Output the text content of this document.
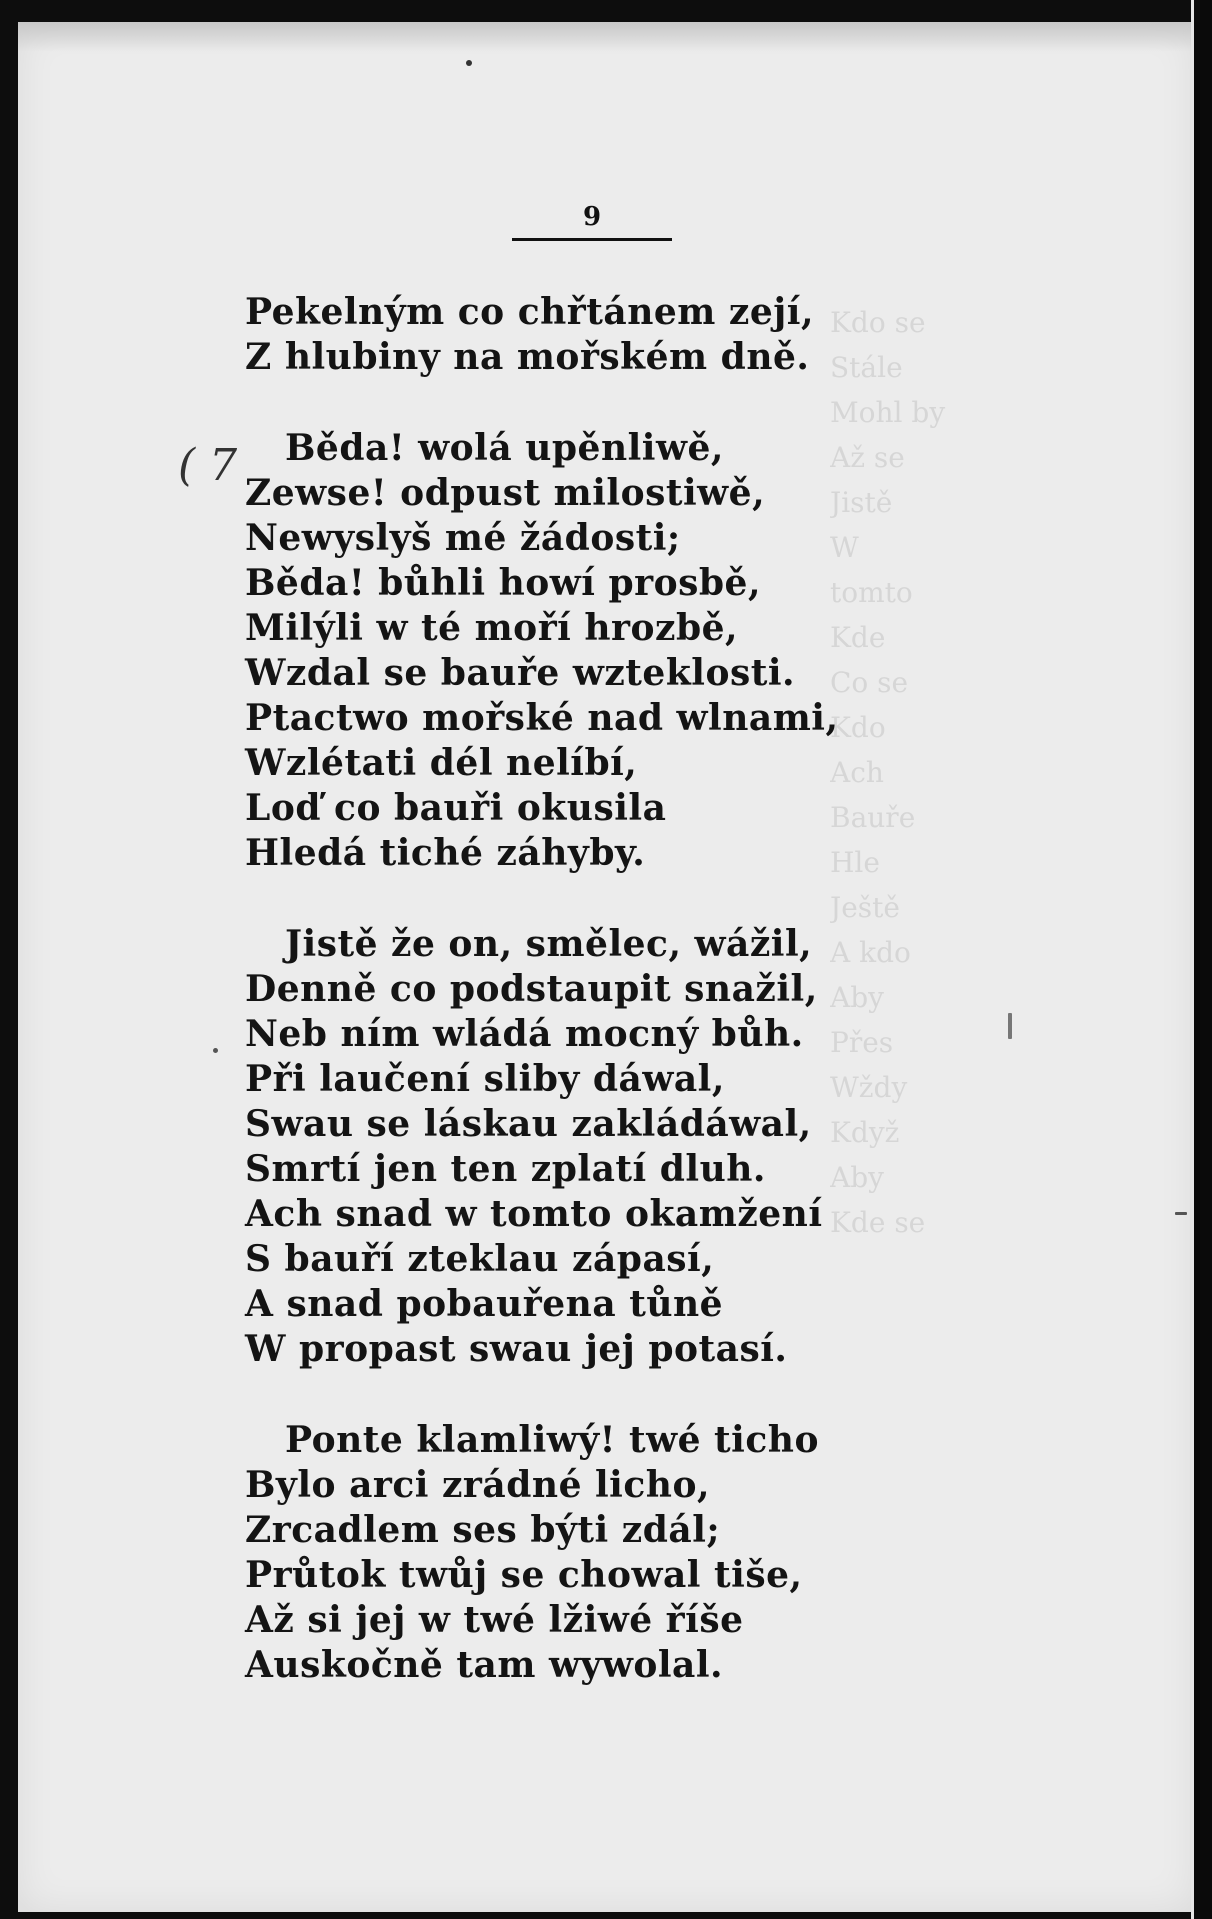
( 7
9
Kdo se
Stále
Mohl by
Až se
Jistě
W tomto
Kde
Co se
Kdo
Ach
Bauře
Hle
Ještě
A kdo
Aby
Přes
Wždy
Když
Aby
Kde se
Pekelným co chřtánem zejí,
Z hlubiny na mořském dně.
Běda! wolá upěnliwě,
Zewse! odpust milostiwě,
Newyslyš mé žádosti;
Běda! bůhli howí prosbě,
Milýli w té moří hrozbě,
Wzdal se bauře wzteklosti.
Ptactwo mořské nad wlnami,
Wzlétati dél nelíbí,
Loď co bauři okusila
Hledá tiché záhyby.
Jistě že on, smělec, wážil,
Denně co podstaupit snažil,
Neb ním wládá mocný bůh.
Při laučení sliby dáwal,
Swau se láskau zakládáwal,
Smrtí jen ten zplatí dluh.
Ach snad w tomto okamžení
S bauří zteklau zápasí,
A snad pobauřena tůně
W propast swau jej potasí.
Ponte klamliwý! twé ticho
Bylo arci zrádné licho,
Zrcadlem ses býti zdál;
Průtok twůj se chowal tiše,
Až si jej w twé lžiwé říše
Auskočně tam wywolal.
